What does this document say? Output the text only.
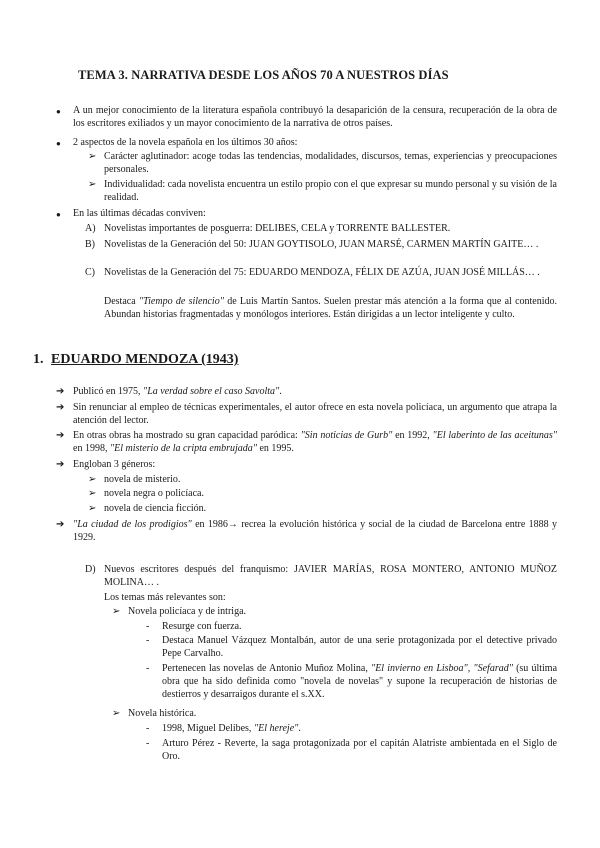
TEMA 3. NARRATIVA DESDE LOS AÑOS 70 A NUESTROS DÍAS
● A un mejor conocimiento de la literatura española contribuyó la desaparición de la censura, recuperación de la obra de los escritores exiliados y un mayor conocimiento de la narrativa de otros países.
● 2 aspectos de la novela española en los últimos 30 años:
➢ Carácter aglutinador: acoge todas las tendencias, modalidades, discursos, temas, experiencias y preocupaciones personales.
➢ Individualidad: cada novelista encuentra un estilo propio con el que expresar su mundo personal y su visión de la realidad.
● En las últimas décadas conviven:
A) Novelistas importantes de posguerra: DELIBES, CELA y TORRENTE BALLESTER.
B) Novelistas de la Generación del 50: JUAN GOYTISOLO, JUAN MARSÉ, CARMEN MARTÍN GAITE… .
C) Novelistas de la Generación del 75: EDUARDO MENDOZA, FÉLIX DE AZÚA, JUAN JOSÉ MILLÁS… .
Destaca "Tiempo de silencio" de Luis Martín Santos. Suelen prestar más atención a la forma que al contenido. Abundan historias fragmentadas y monólogos interiores. Están dirigidas a un lector inteligente y culto.
1. EDUARDO MENDOZA (1943)
➔ Publicó en 1975, "La verdad sobre el caso Savolta".
➔ Sin renunciar al empleo de técnicas experimentales, el autor ofrece en esta novela policíaca, un argumento que atrapa la atención del lector.
➔ En otras obras ha mostrado su gran capacidad paródica: "Sin noticias de Gurb" en 1992, "El laberinto de las aceitunas" en 1998, "El misterio de la cripta embrujada" en 1995.
➔ Engloban 3 géneros:
➢ novela de misterio.
➢ novela negra o policíaca.
➢ novela de ciencia ficción.
➔ "La ciudad de los prodigios" en 1986→ recrea la evolución histórica y social de la ciudad de Barcelona entre 1888 y 1929.
D) Nuevos escritores después del franquismo: JAVIER MARÍAS, ROSA MONTERO, ANTONIO MUÑOZ MOLINA… .
Los temas más relevantes son:
➢ Novela policíaca y de intriga.
- Resurge con fuerza.
- Destaca Manuel Vázquez Montalbán, autor de una serie protagonizada por el detective privado Pepe Carvalho.
- Pertenecen las novelas de Antonio Muñoz Molina, "El invierno en Lisboa", "Sefarad" (su última obra que ha sido definida como "novela de novelas" y supone la recuperación de historias de destierros y desarraigos durante el s.XX.
➢ Novela histórica.
- 1998, Miguel Delibes, "El hereje".
- Arturo Pérez - Reverte, la saga protagonizada por el capitán Alatriste ambientada en el Siglo de Oro.
